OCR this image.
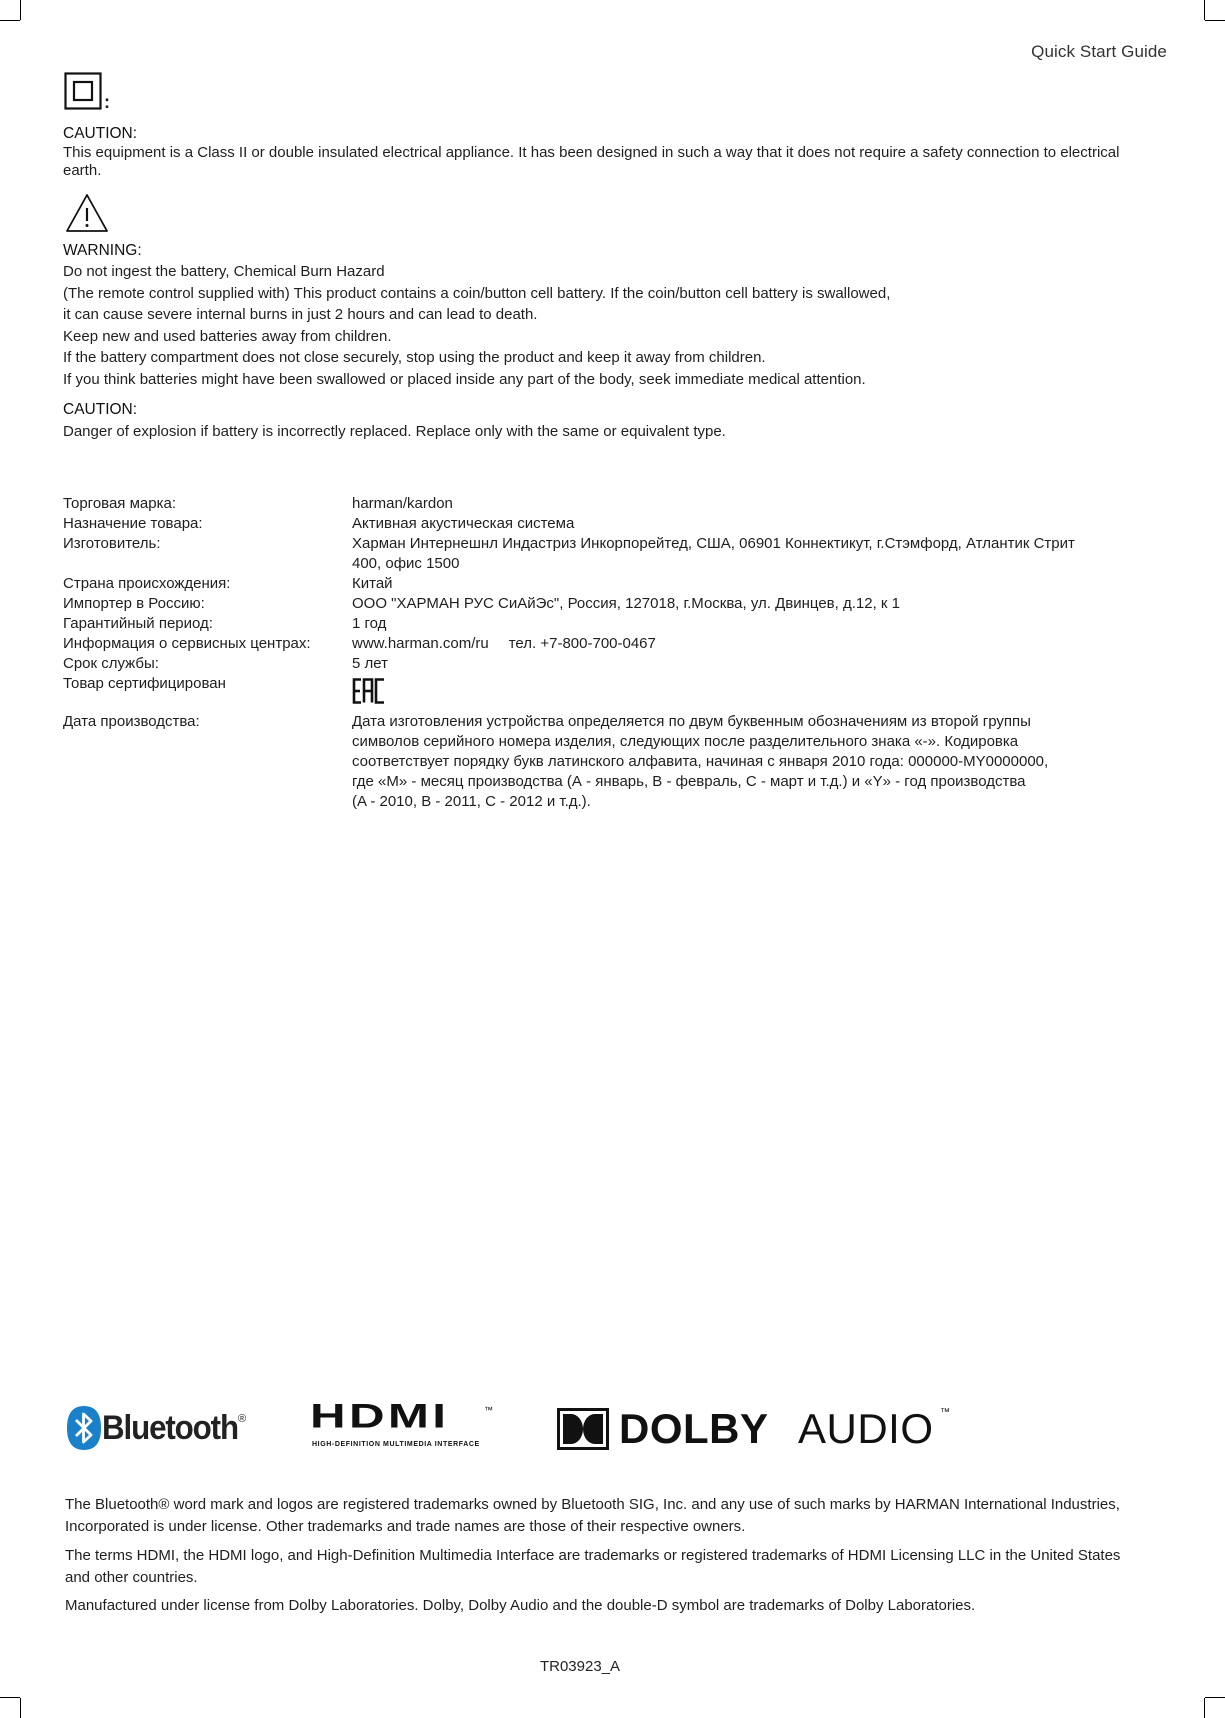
Quick Start Guide
:
CAUTION:
This equipment is a Class II or double insulated electrical appliance. It has been designed in such a way that it does not require a safety connection to electrical earth.
WARNING:
Do not ingest the battery, Chemical Burn Hazard
(The remote control supplied with) This product contains a coin/button cell battery. If the coin/button cell battery is swallowed,
it can cause severe internal burns in just 2 hours and can lead to death.
Keep new and used batteries away from children.
If the battery compartment does not close securely, stop using the product and keep it away from children.
If you think batteries might have been swallowed or placed inside any part of the body, seek immediate medical attention.
CAUTION:
Danger of explosion if battery is incorrectly replaced. Replace only with the same or equivalent type.
Торговая марка:	harman/kardon
Назначение товара:	Активная акустическая система
Изготовитель:	Харман Интернешнл Индастриз Инкорпорейтед, США, 06901 Коннектикут, г.Стэмфорд, Атлантик Стрит
400, офис 1500
Страна происхождения:	Китай
Импортер в Россию:	ООО "ХАРМАН РУС СиАйЭс", Россия, 127018, г.Москва, ул. Двинцев, д.12, к 1
Гарантийный период:	1 год
Информация о сервисных центрах:	www.harman.com/ru тел. +7-800-700-0467
Срок службы:	5 лет
Товар сертифицирован
Дата производства:	Дата изготовления устройства определяется по двум буквенным обозначениям из второй группы
символов серийного номера изделия, следующих после разделительного знака «-». Кодировка
соответствует порядку букв латинского алфавита, начиная с января 2010 года: 000000-MY0000000,
где «M» - месяц производства (А - январь, B - февраль, C - март и т.д.) и «Y» - год производства
(A - 2010, B - 2011, C - 2012 и т.д.).
Bluetooth ® HDMI	™
HIGH-DEFINITION MULTIMEDIA INTERFACE	DOLBY AUDIO ™
The Bluetooth® word mark and logos are registered trademarks owned by Bluetooth SIG, Inc. and any use of such marks by HARMAN International Industries, Incorporated is under license. Other trademarks and trade names are those of their respective owners.
The terms HDMI, the HDMI logo, and High-Definition Multimedia Interface are trademarks or registered trademarks of HDMI Licensing LLC in the United States and other countries.
Manufactured under license from Dolby Laboratories. Dolby, Dolby Audio and the double-D symbol are trademarks of Dolby Laboratories.
TR03923_A
